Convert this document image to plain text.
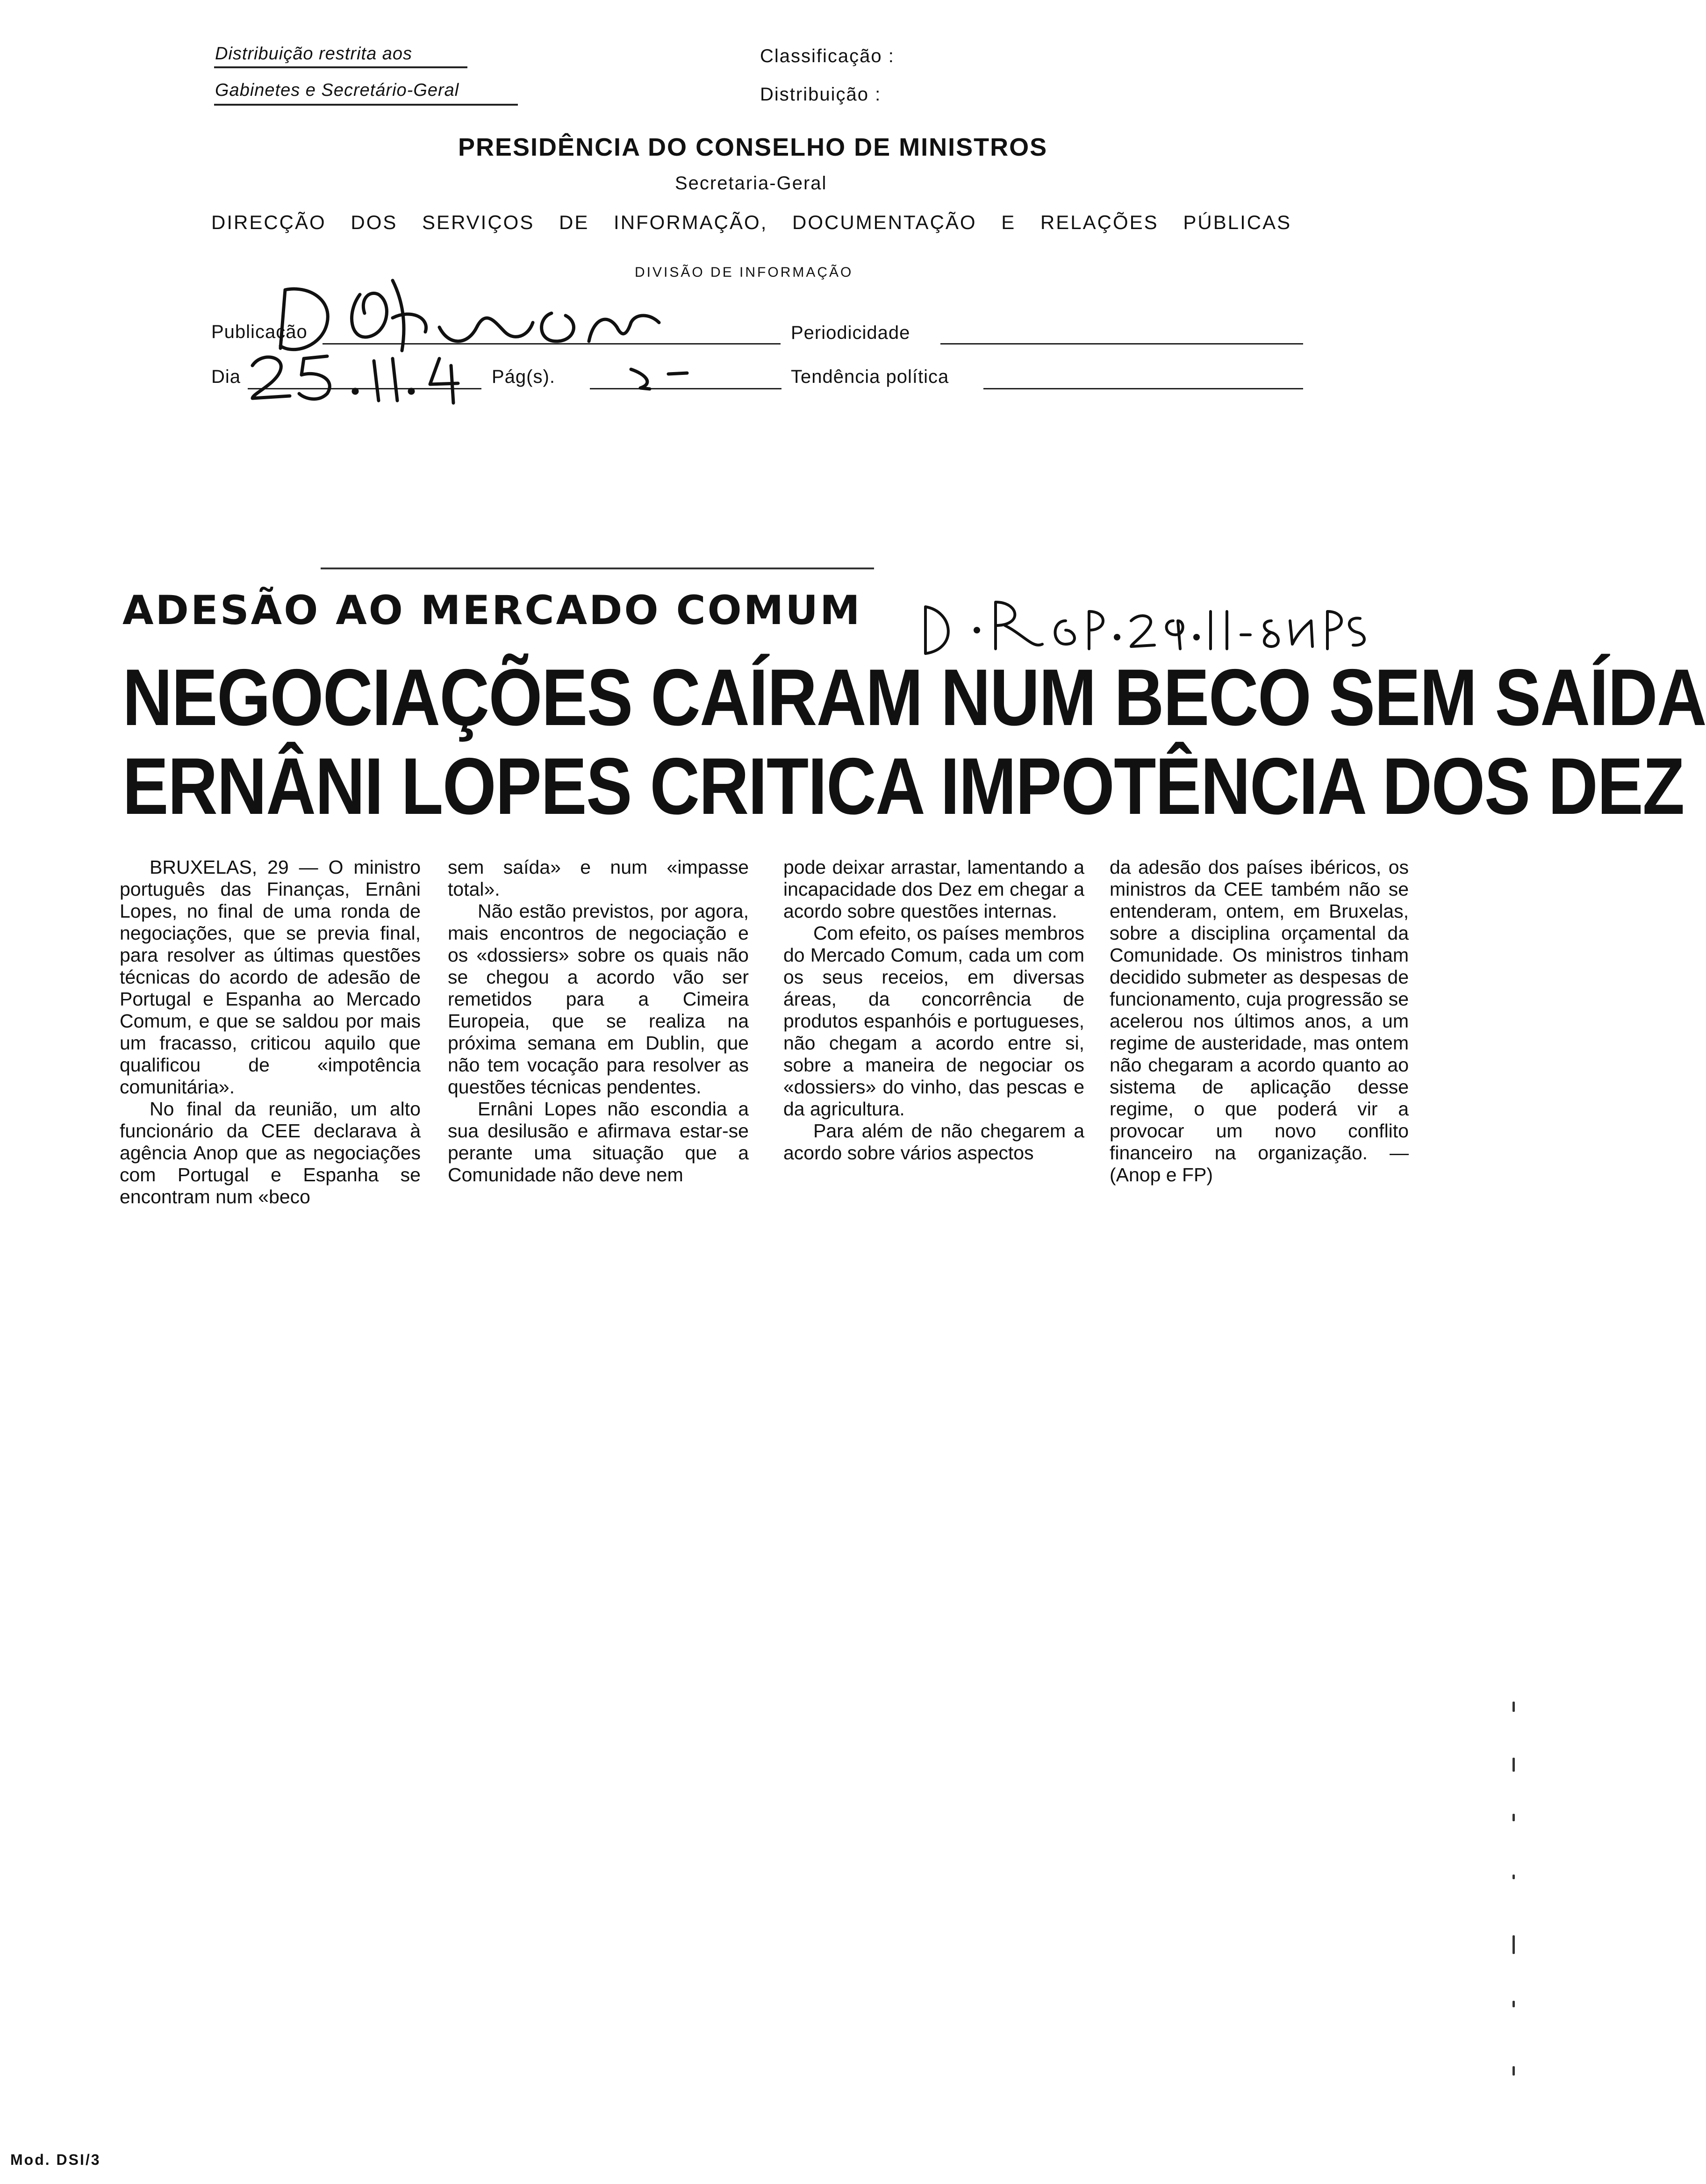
Distribuição restrita aos
Gabinetes e Secretário-Geral
Classificação :
Distribuição :
PRESIDÊNCIA DO CONSELHO DE MINISTROS
Secretaria-Geral
DIRECÇÃO DOS SERVIÇOS DE INFORMAÇÃO, DOCUMENTAÇÃO E RELAÇÕES PÚBLICAS
DIVISÃO DE INFORMAÇÃO
Publicação	Periodicidade
Dia	Pág(s).	Tendência política
ADESÃO AO MERCADO COMUM
NEGOCIAÇÕES CAÍRAM NUM BECO SEM SAÍDA
ERNÂNI LOPES CRITICA IMPOTÊNCIA DOS DEZ

BRUXELAS, 29 — O ministro português das Finanças, Ernâni Lopes, no final de uma ronda de negociações, que se previa final, para resolver as últimas questões técnicas do acordo de adesão de Portugal e Espanha ao Mercado Comum, e que se saldou por mais um fracasso, criticou aquilo que qualificou de «impotência comunitária».

No final da reunião, um alto funcionário da CEE declarava à agência Anop que as negociações com Portugal e Espanha se encontram num «beco

sem saída» e num «impasse total».

Não estão previstos, por agora, mais encontros de negociação e os «dossiers» sobre os quais não se chegou a acordo vão ser remetidos para a Cimeira Europeia, que se realiza na próxima semana em Dublin, que não tem vocação para resolver as questões técnicas pendentes.

Ernâni Lopes não escondia a sua desilusão e afirmava estar-se perante uma situação que a Comunidade não deve nem

pode deixar arrastar, lamentando a incapacidade dos Dez em chegar a acordo sobre questões internas.

Com efeito, os países membros do Mercado Comum, cada um com os seus receios, em diversas áreas, da concorrência de produtos espanhóis e portugueses, não chegam a acordo entre si, sobre a maneira de negociar os «dossiers» do vinho, das pescas e da agricultura.

Para além de não chegarem a acordo sobre vários aspectos

da adesão dos países ibéricos, os ministros da CEE também não se entenderam, ontem, em Bruxelas, sobre a disciplina orçamental da Comunidade. Os ministros tinham decidido submeter as despesas de funcionamento, cuja progressão se acelerou nos últimos anos, a um regime de austeridade, mas ontem não chegaram a acordo quanto ao sistema de aplicação desse regime, o que poderá vir a provocar um novo conflito financeiro na organização. — (Anop e FP)

Mod. DSI/3
